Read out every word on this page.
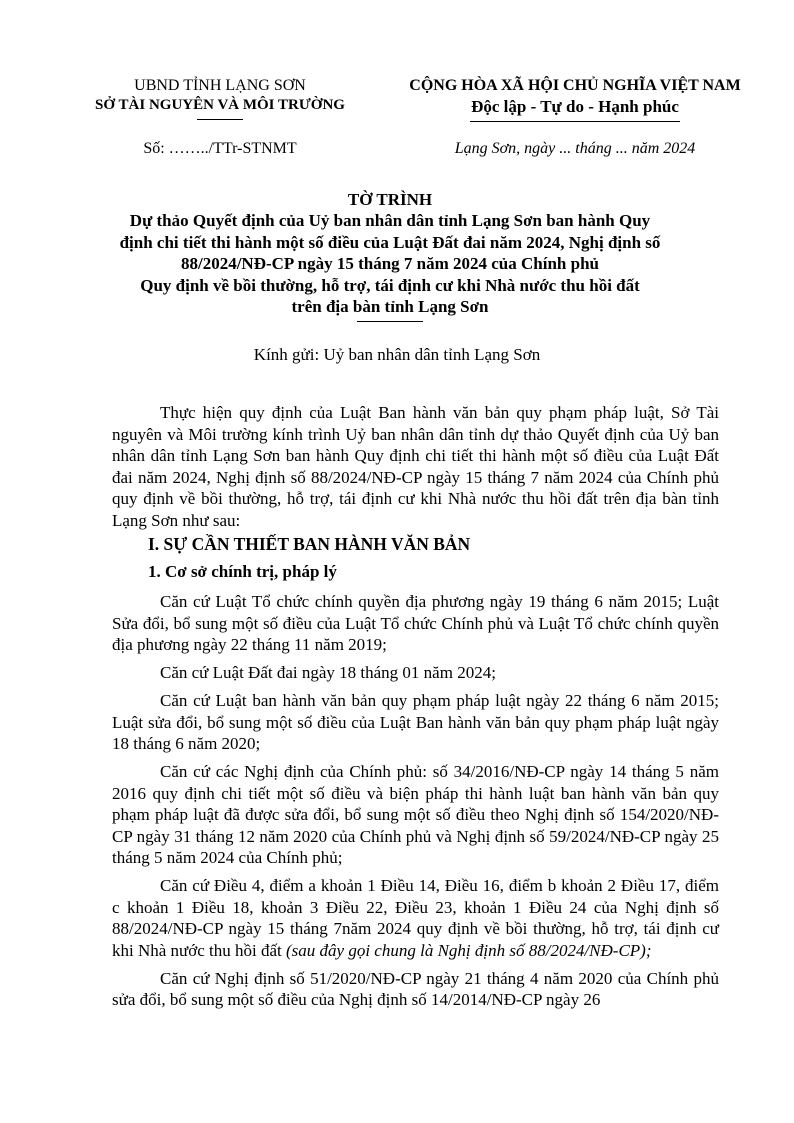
UBND TỈNH LẠNG SƠN
SỞ TÀI NGUYÊN VÀ MÔI TRƯỜNG
CỘNG HÒA XÃ HỘI CHỦ NGHĨA VIỆT NAM
Độc lập - Tự do - Hạnh phúc
Số: ……../TTr-STNMT	Lạng Sơn, ngày ... tháng ... năm 2024
TỜ TRÌNH
Dự thảo Quyết định của Uỷ ban nhân dân tỉnh Lạng Sơn ban hành Quy
định chi tiết thi hành một số điều của Luật Đất đai năm 2024, Nghị định số
88/2024/NĐ-CP ngày 15 tháng 7 năm 2024 của Chính phủ
Quy định về bồi thường, hỗ trợ, tái định cư khi Nhà nước thu hồi đất
trên địa bàn tỉnh Lạng Sơn
Kính gửi: Uỷ ban nhân dân tỉnh Lạng Sơn

Thực hiện quy định của Luật Ban hành văn bản quy phạm pháp luật, Sở Tài nguyên và Môi trường kính trình Uỷ ban nhân dân tỉnh dự thảo Quyết định của Uỷ ban nhân dân tỉnh Lạng Sơn ban hành Quy định chi tiết thi hành một số điều của Luật Đất đai năm 2024, Nghị định số 88/2024/NĐ-CP ngày 15 tháng 7 năm 2024 của Chính phủ quy định về bồi thường, hỗ trợ, tái định cư khi Nhà nước thu hồi đất trên địa bàn tỉnh Lạng Sơn như sau:

I. SỰ CẦN THIẾT BAN HÀNH VĂN BẢN
1. Cơ sở chính trị, pháp lý

Căn cứ Luật Tổ chức chính quyền địa phương ngày 19 tháng 6 năm 2015; Luật Sửa đổi, bổ sung một số điều của Luật Tổ chức Chính phủ và Luật Tổ chức chính quyền địa phương ngày 22 tháng 11 năm 2019;

Căn cứ Luật Đất đai ngày 18 tháng 01 năm 2024;

Căn cứ Luật ban hành văn bản quy phạm pháp luật ngày 22 tháng 6 năm 2015; Luật sửa đổi, bổ sung một số điều của Luật Ban hành văn bản quy phạm pháp luật ngày 18 tháng 6 năm 2020;

Căn cứ các Nghị định của Chính phủ: số 34/2016/NĐ-CP ngày 14 tháng 5 năm 2016 quy định chi tiết một số điều và biện pháp thi hành luật ban hành văn bản quy phạm pháp luật đã được sửa đổi, bổ sung một số điều theo Nghị định số 154/2020/NĐ-CP ngày 31 tháng 12 năm 2020 của Chính phủ và Nghị định số 59/2024/NĐ-CP ngày 25 tháng 5 năm 2024 của Chính phủ;

Căn cứ Điều 4, điểm a khoản 1 Điều 14, Điều 16, điểm b khoản 2 Điều 17, điểm c khoản 1 Điều 18, khoản 3 Điều 22, Điều 23, khoản 1 Điều 24 của Nghị định số 88/2024/NĐ-CP ngày 15 tháng 7năm 2024 quy định về bồi thường, hỗ trợ, tái định cư khi Nhà nước thu hồi đất (sau đây gọi chung là Nghị định số 88/2024/NĐ-CP);

Căn cứ Nghị định số 51/2020/NĐ-CP ngày 21 tháng 4 năm 2020 của Chính phủ sửa đổi, bổ sung một số điều của Nghị định số 14/2014/NĐ-CP ngày 26
